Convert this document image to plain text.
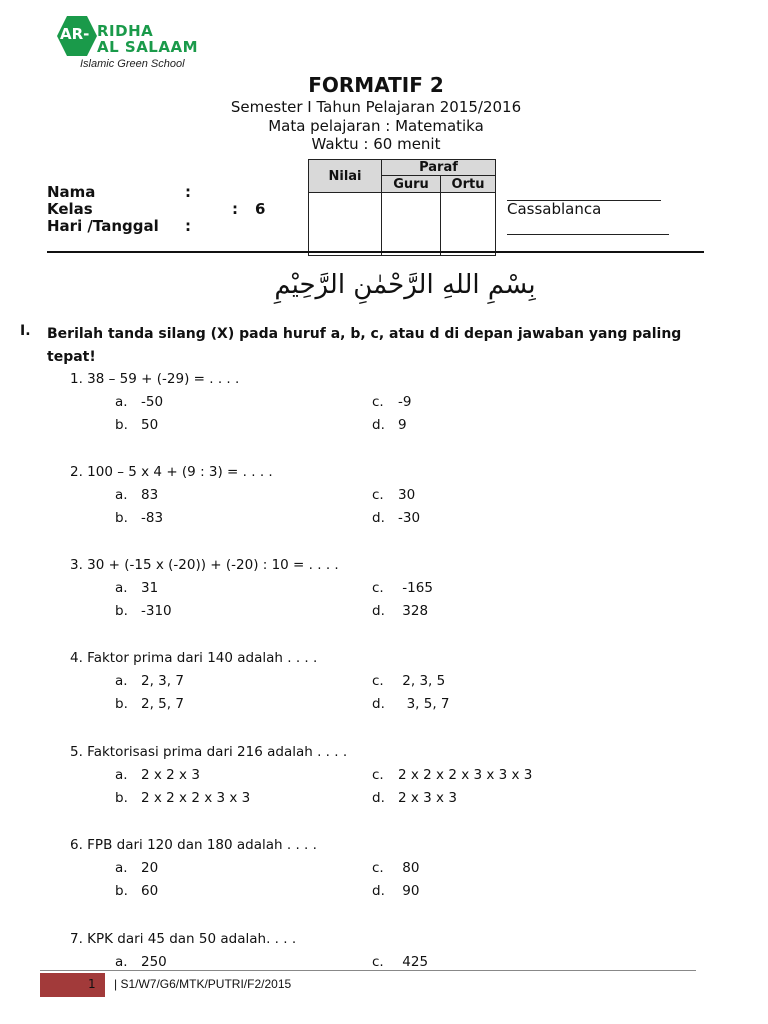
AR- RIDHA
AL SALAAM
Islamic Green School
FORMATIF 2
Semester I Tahun Pelajaran 2015/2016
Mata pelajaran : Matematika
Waktu : 60 menit
Nama	:
Kelas	: 6
Hari /Tanggal :
Nilai	Paraf	
	Guru	Ortu

Cassablanca
بِسْمِ اللهِ الرَّحْمٰنِ الرَّحِيْمِ
I. Berilah tanda silang (X) pada huruf a, b, c, atau d di depan jawaban yang paling tepat!
1. 38 – 59 + (-29) = . . . .
a. -50
b. 50
c. -9
d. 9
2. 100 – 5 x 4 + (9 : 3) = . . . .
a. 83
b. -83
c. 30
d. -30
3. 30 + (-15 x (-20)) + (-20) : 10 = . . . .
a. 31
b. -310
c. -165
d. 328
4. Faktor prima dari 140 adalah . . . .
a. 2, 3, 7
b. 2, 5, 7
c. 2, 3, 5
d.  3, 5, 7
5. Faktorisasi prima dari 216 adalah . . . .
a. 2 x 2 x 3
b. 2 x 2 x 2 x 3 x 3
c. 2 x 2 x 2 x 3 x 3 x 3
d. 2 x 3 x 3
6. FPB dari 120 dan 180 adalah . . . .
a. 20
b. 60
c. 80
d. 90
7. KPK dari 45 dan 50 adalah. . . .
a. 250	c. 425
1 | S1/W7/G6/MTK/PUTRI/F2/2015
